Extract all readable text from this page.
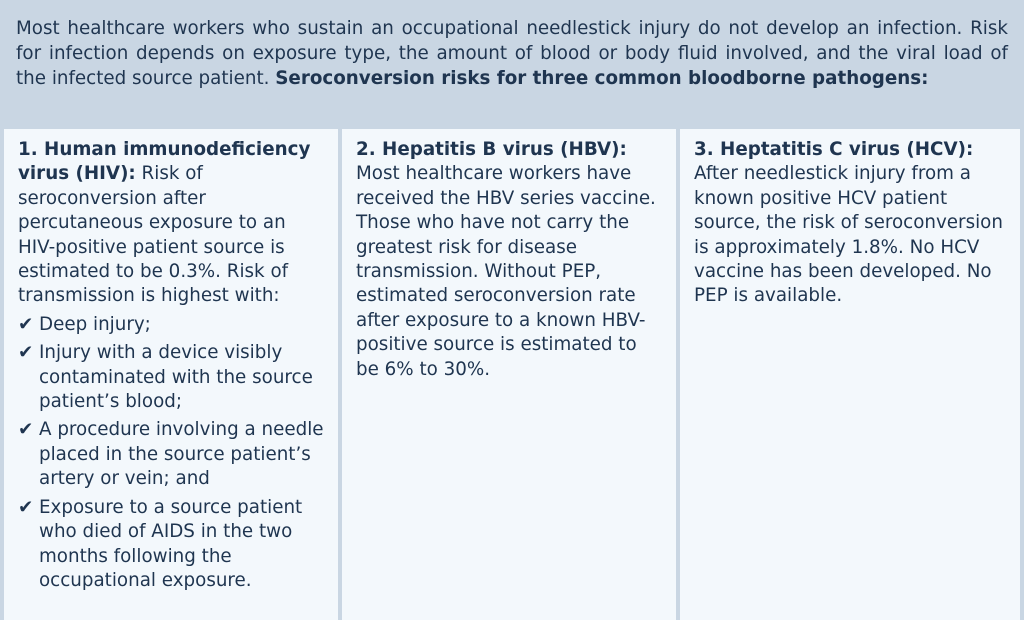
Most healthcare workers who sustain an occupational needlestick injury do not develop an infection. Risk for infection depends on exposure type, the amount of blood or body fluid involved, and the viral load of the infected source patient. Seroconversion risks for three common bloodborne pathogens:
1. Human immunodeficiency virus (HIV): Risk of seroconversion after percutaneous exposure to an HIV-positive patient source is estimated to be 0.3%. Risk of transmission is highest with:
✔ Deep injury;
✔ Injury with a device visibly contaminated with the source patient’s blood;
✔ A procedure involving a needle placed in the source patient’s artery or vein; and
✔ Exposure to a source patient who died of AIDS in the two months following the occupational exposure.
2. Hepatitis B virus (HBV):
Most healthcare workers have received the HBV series vaccine. Those who have not carry the greatest risk for disease transmission. Without PEP, estimated seroconversion rate after exposure to a known HBV-positive source is estimated to be 6% to 30%.
3. Heptatitis C virus (HCV):
After needlestick injury from a known positive HCV patient source, the risk of seroconversion is approximately 1.8%. No HCV vaccine has been developed. No PEP is available.
